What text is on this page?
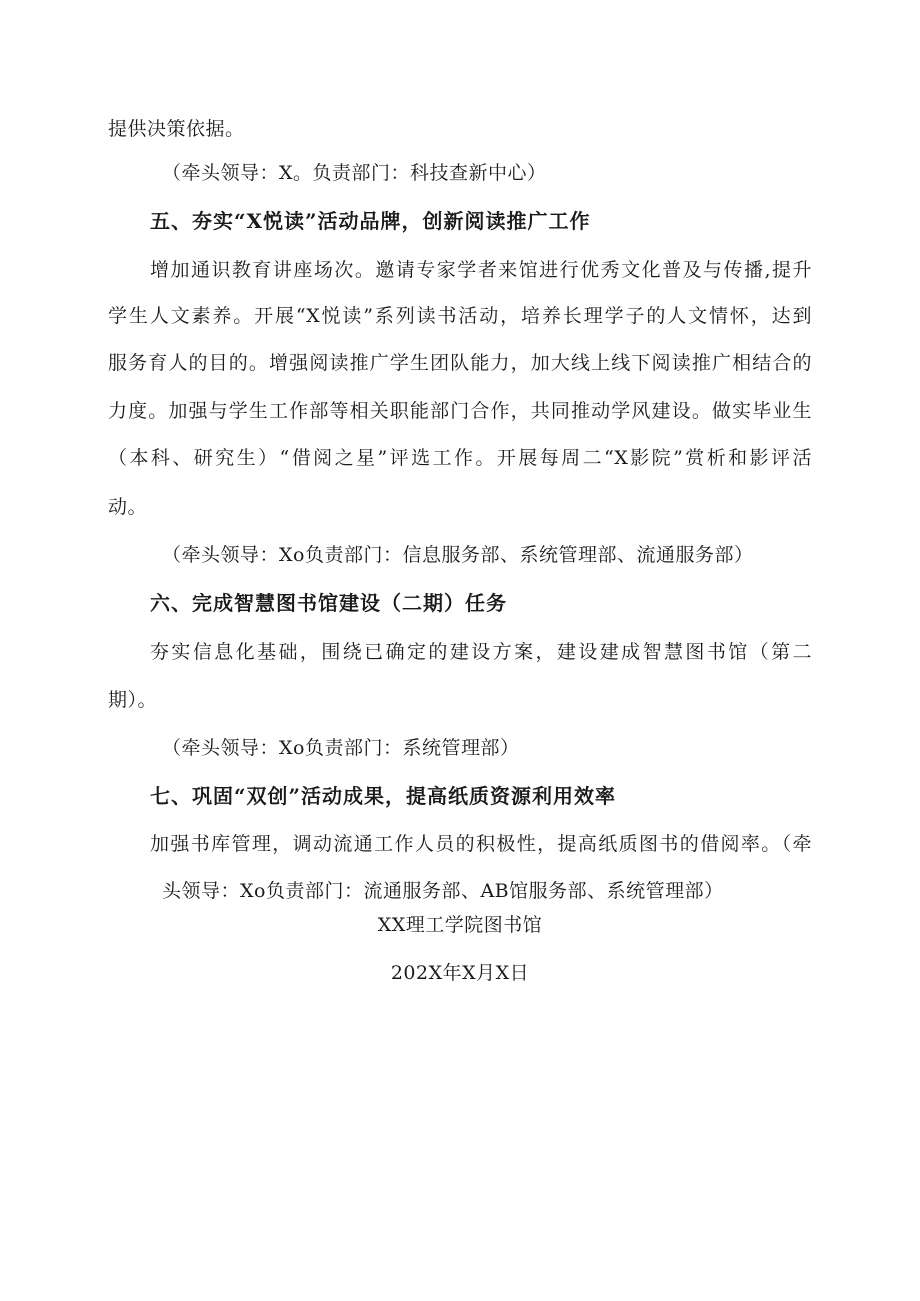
提供决策依据。
（牵头领导：X。负责部门：科技查新中心）
五、夯实“X悦读”活动品牌，创新阅读推广工作
增加通识教育讲座场次。邀请专家学者来馆进行优秀文化普及与传播,提升
学生人文素养。开展“X悦读”系列读书活动，培养长理学子的人文情怀，达到
服务育人的目的。增强阅读推广学生团队能力，加大线上线下阅读推广相结合的
力度。加强与学生工作部等相关职能部门合作，共同推动学风建设。做实毕业生
（本科、研究生）“借阅之星”评选工作。开展每周二“X影院”赏析和影评活
动。
（牵头领导：Xo负责部门：信息服务部、系统管理部、流通服务部）
六、完成智慧图书馆建设（二期）任务
夯实信息化基础，围绕已确定的建设方案，建设建成智慧图书馆（第二
期）。
（牵头领导：Xo负责部门：系统管理部）
七、巩固“双创”活动成果，提高纸质资源利用效率
加强书库管理，调动流通工作人员的积极性，提高纸质图书的借阅率。（牵
头领导：Xo负责部门：流通服务部、AB馆服务部、系统管理部）
XX理工学院图书馆
202X年X月X日
